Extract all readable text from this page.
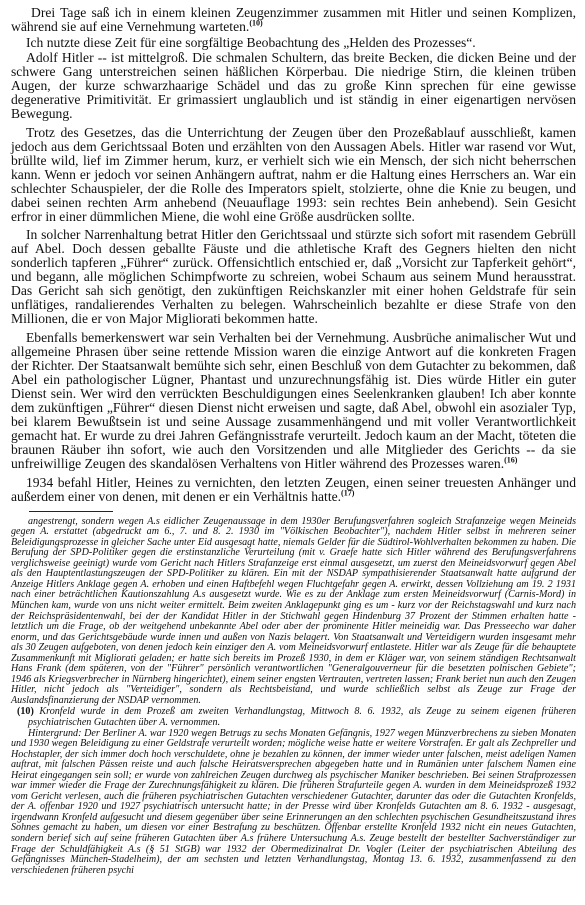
Drei Tage saß ich in einem kleinen Zeugenzimmer zusammen mit Hitler und seinen Komplizen, während sie auf eine Vernehmung warteten.$^{(10)}$

Ich nutzte diese Zeit für eine sorgfältige Beobachtung des „Helden des Prozesses“.

Adolf Hitler -- ist mittelgroß. Die schmalen Schultern, das breite Becken, die dicken Beine und der schwere Gang unterstreichen seinen häßlichen Körperbau. Die niedrige Stirn, die kleinen trüben Augen, der kurze schwarzhaarige Schädel und das zu große Kinn sprechen für eine gewisse degenerative Primitivität. Er grimassiert unglaublich und ist ständig in einer eigenartigen nervösen Bewegung.

Trotz des Gesetzes, das die Unterrichtung der Zeugen über den Prozeßablauf ausschließt, kamen jedoch aus dem Gerichtssaal Boten und erzählten von den Aussagen Abels. Hitler war rasend vor Wut, brüllte wild, lief im Zimmer herum, kurz, er verhielt sich wie ein Mensch, der sich nicht beherrschen kann. Wenn er jedoch vor seinen Anhängern auftrat, nahm er die Haltung eines Herrschers an. War ein schlechter Schauspieler, der die Rolle des Imperators spielt, stolzierte, ohne die Knie zu beugen, und dabei seinen rechten Arm anhebend (Neuauflage 1993: sein rechtes Bein anhebend). Sein Gesicht erfror in einer dümmlichen Miene, die wohl eine Größe ausdrücken sollte.

In solcher Narrenhaltung betrat Hitler den Gerichtssaal und stürzte sich sofort mit rasendem Gebrüll auf Abel. Doch dessen geballte Fäuste und die athletische Kraft des Gegners hielten den nicht sonderlich tapferen „Führer“ zurück. Offensichtlich entschied er, daß „Vorsicht zur Tapferkeit gehört“, und begann, alle möglichen Schimpfworte zu schreien, wobei Schaum aus seinem Mund herausstrat. Das Gericht sah sich genötigt, den zukünftigen Reichskanzler mit einer hohen Geldstrafe für sein unflätiges, randalierendes Verhalten zu belegen. Wahrscheinlich bezahlte er diese Strafe von den Millionen, die er von Major Migliorati bekommen hatte.

Ebenfalls bemerkenswert war sein Verhalten bei der Vernehmung. Ausbrüche animalischer Wut und allgemeine Phrasen über seine rettende Mission waren die einzige Antwort auf die konkreten Fragen der Richter. Der Staatsanwalt bemühte sich sehr, einen Beschluß von dem Gutachter zu bekommen, daß Abel ein pathologischer Lügner, Phantast und unzurechnungsfähig ist. Dies würde Hitler ein guter Dienst sein. Wer wird den verrückten Beschuldigungen eines Seelenkranken glauben! Ich aber konnte dem zukünftigen „Führer“ diesen Dienst nicht erweisen und sagte, daß Abel, obwohl ein asozialer Typ, bei klarem Bewußtsein ist und seine Aussage zusammenhängend und mit voller Verantwortlichkeit gemacht hat. Er wurde zu drei Jahren Gefängnisstrafe verurteilt. Jedoch kaum an der Macht, töteten die braunen Räuber ihn sofort, wie auch den Vorsitzenden und alle Mitglieder des Gerichts -- da sie unfreiwillige Zeugen des skandalösen Verhaltens von Hitler während des Prozesses waren.$^{(16)}$

1934 befahl Hitler, Heines zu vernichten, den letzten Zeugen, einen seiner treuesten Anhänger und außerdem einer von denen, mit denen er ein Verhältnis hatte.$^{(17)}$

angestrengt, sondern wegen A.s eidlicher Zeugenaussage in dem 1930er Berufungsverfahren sogleich Strafanzeige wegen Meineids gegen A. erstattet (abgedruckt am 6., 7. und 8. 2. 1930 im "Völkischen Beobachter"), nachdem Hitler selbst in mehreren seiner Beleidigungsprozesse in gleicher Sache unter Eid ausgesagt hatte, niemals Gelder für die Südtirol-Wohlverhalten bekommen zu haben. Die Berufung der SPD-Politiker gegen die erstinstanzliche Verurteilung (mit v. Graefe hatte sich Hitler während des Berufungsverfahrens verglichsweise geeinigt) wurde vom Gericht nach Hitlers Strafanzeige erst einmal ausgesetzt, um zuerst den Meineidsvorwurf gegen Abel als den Hauptentlastungszeugen der SPD-Politiker zu klären. Ein mit der NSDAP sympathisierender Staatsanwalt hatte aufgrund der Anzeige Hitlers Anklage gegen A. erhoben und einen Haftbefehl wegen Fluchtgefahr gegen A. erwirkt, dessen Vollziehung am 19. 2 1931 nach einer beträchtlichen Kautionszahlung A.s ausgesetzt wurde. Wie es zu der Anklage zum ersten Meineidsvorwurf (Carnis-Mord) in München kam, wurde von uns nicht weiter ermittelt. Beim zweiten Anklagepunkt ging es um - kurz vor der Reichstagswahl und kurz nach der Reichspräsidentenwahl, bei der der Kandidat Hitler in der Stichwahl gegen Hindenburg 37 Prozent der Stimmen erhalten hatte - letztlich um die Frage, ob der weitgehend unbekannte Abel oder aber der prominente Hitler meineidig war. Das Presseecho war daher enorm, und das Gerichtsgebäude wurde innen und außen von Nazis belagert. Von Staatsanwalt und Verteidigern wurden insgesamt mehr als 30 Zeugen aufgeboten, von denen jedoch kein einziger den A. vom Meineidsvorwurf entlastete. Hitler war als Zeuge für die behauptete Zusammenkunft mit Migliorati geladen; er hatte sich bereits im Prozeß 1930, in dem er Kläger war, von seinem ständigen Rechtsanwalt Hans Frank (dem späteren, von der "Führer" persönlich verantwortlichen "Generalgouverneur für die besetzten polnischen Gebiete"; 1946 als Kriegsverbrecher in Nürnberg hingerichtet), einem seiner engsten Vertrauten, vertreten lassen; Frank beriet nun auch den Zeugen Hitler, nicht jedoch als "Verteidiger", sondern als Rechtsbeistand, und wurde schließlich selbst als Zeuge zur Frage der Auslandsfinanzierung der NSDAP vernommen.

(10) Kronfeld wurde in dem Prozeß am zweiten Verhandlungstag, Mittwoch 8. 6. 1932, als Zeuge zu seinem eigenen früheren psychiatrischen Gutachten über A. vernommen.

Hintergrund: Der Berliner A. war 1920 wegen Betrugs zu sechs Monaten Gefängnis, 1927 wegen Münzverbrechens zu sieben Monaten und 1930 wegen Beleidigung zu einer Geldstrafe verurteilt worden; mögliche weise hatte er weitere Vorstrafen. Er galt als Zechpreller und Hochstapler, der sich immer doch hoch verschuldete, ohne je bezahlen zu können, der immer wieder unter falschen, meist adeligen Namen auftrat, mit falschen Pässen reiste und auch falsche Heiratsversprechen abgegeben hatte und in Rumänien unter falschem Namen eine Heirat eingegangen sein soll; er wurde von zahlreichen Zeugen durchweg als psychischer Maniker beschrieben. Bei seinen Strafprozessen war immer wieder die Frage der Zurechnungsfähigkeit zu klären. Die früheren Strafurteile gegen A. wurden in dem Meineidsprozeß 1932 vom Gericht verlesen, auch die früheren psychiatrischen Gutachten verschiedener Gutachter, darunter das oder die Gutachten Kronfelds, der A. offenbar 1920 und 1927 psychiatrisch untersucht hatte; in der Presse wird über Kronfelds Gutachten am 8. 6. 1932 - ausgesagt, irgendwann Kronfeld aufgesucht und diesem gegenüber über seine Erinnerungen an den schlechten psychischen Gesundheitszustand ihres Sohnes gemacht zu haben, um diesen vor einer Bestrafung zu beschützen. Offenbar erstellte Kronfeld 1932 nicht ein neues Gutachten, sondern berief sich auf seine früheren Gutachten über A.s frühere Untersuchung A.s. Zeuge bestellt der bestellter Sachverständiger zur Frage der Schuldfähigkeit A.s (§ 51 StGB) war 1932 der Obermedizinalrat Dr. Vogler (Leiter der psychiatrischen Abteilung des Gefängnisses München-Stadelheim), der am sechsten und letzten Verhandlungstag, Montag 13. 6. 1932, zusammenfassend zu den verschiedenen früheren psychi
